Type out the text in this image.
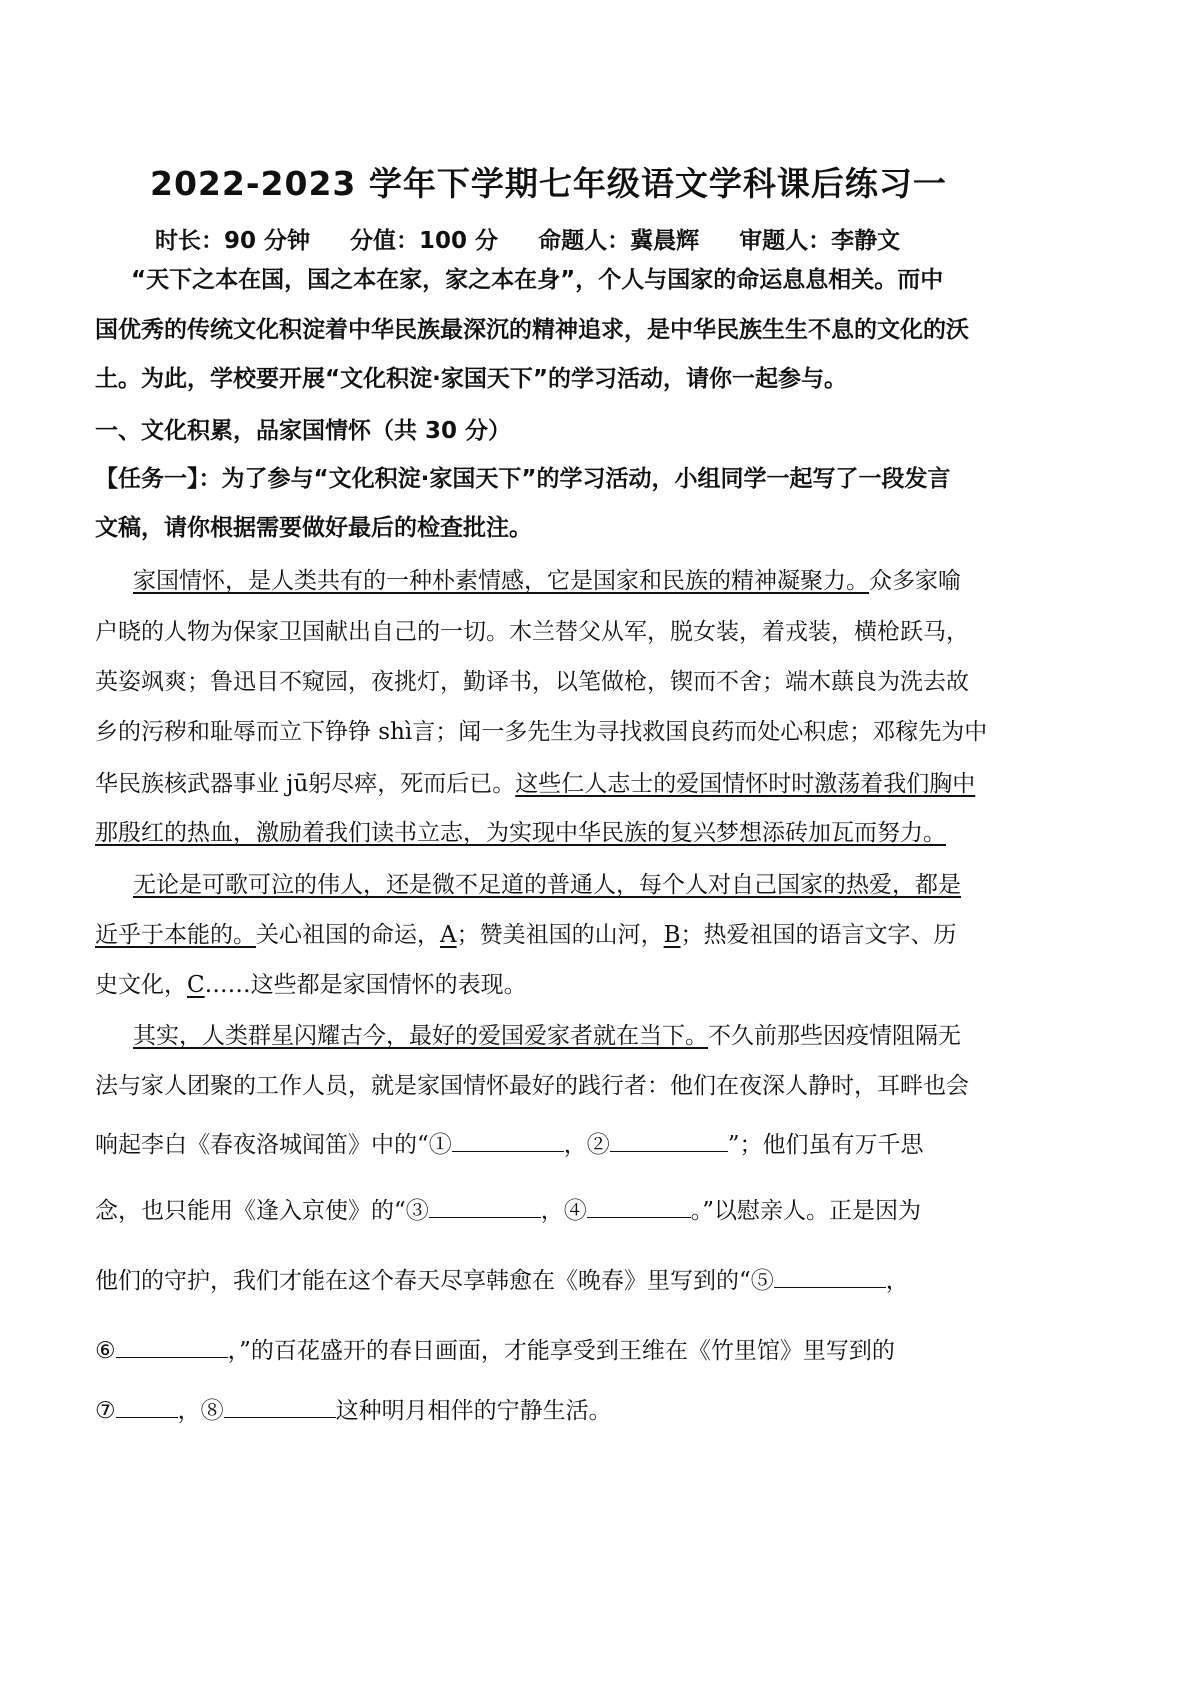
2022-2023 学年下学期七年级语文学科课后练习一
时长：90 分钟 分值：100 分 命题人：冀晨辉 审题人：李静文
“天下之本在国，国之本在家，家之本在身”，个人与国家的命运息息相关。而中
国优秀的传统文化积淀着中华民族最深沉的精神追求，是中华民族生生不息的文化的沃
土。为此，学校要开展“文化积淀·家国天下”的学习活动，请你一起参与。
一、文化积累，品家国情怀（共 30 分）
【任务一】：为了参与“文化积淀·家国天下”的学习活动，小组同学一起写了一段发言
文稿，请你根据需要做好最后的检查批注。
家国情怀，是人类共有的一种朴素情感，它是国家和民族的精神凝聚力。众多家喻
户晓的人物为保家卫国献出自己的一切。木兰替父从军，脱女装，着戎装，横枪跃马，
英姿飒爽；鲁迅目不窥园，夜挑灯，勤译书，以笔做枪，锲而不舍；端木蕻良为洗去故
乡的污秽和耻辱而立下铮铮 shì言；闻一多先生为寻找救国良药而处心积虑；邓稼先为中
华民族核武器事业 jū躬尽瘁，死而后已。这些仁人志士的爱国情怀时时激荡着我们胸中
那殷红的热血，激励着我们读书立志，为实现中华民族的复兴梦想添砖加瓦而努力。
无论是可歌可泣的伟人，还是微不足道的普通人，每个人对自己国家的热爱，都是
近乎于本能的。关心祖国的命运，A；赞美祖国的山河，B；热爱祖国的语言文字、历
史文化，C……这些都是家国情怀的表现。
其实，人类群星闪耀古今，最好的爱国爱家者就在当下。不久前那些因疫情阻隔无
法与家人团聚的工作人员，就是家国情怀最好的践行者：他们在夜深人静时，耳畔也会
响起李白《春夜洛城闻笛》中的“①	，②	”；他们虽有万千思
念，也只能用《逢入京使》的“③	，④	。”以慰亲人。正是因为
他们的守护，我们才能在这个春天尽享韩愈在《晚春》里写到的“⑤	，
⑥	，”的百花盛开的春日画面，才能享受到王维在《竹里馆》里写到的
⑦	，⑧	这种明月相伴的宁静生活。
